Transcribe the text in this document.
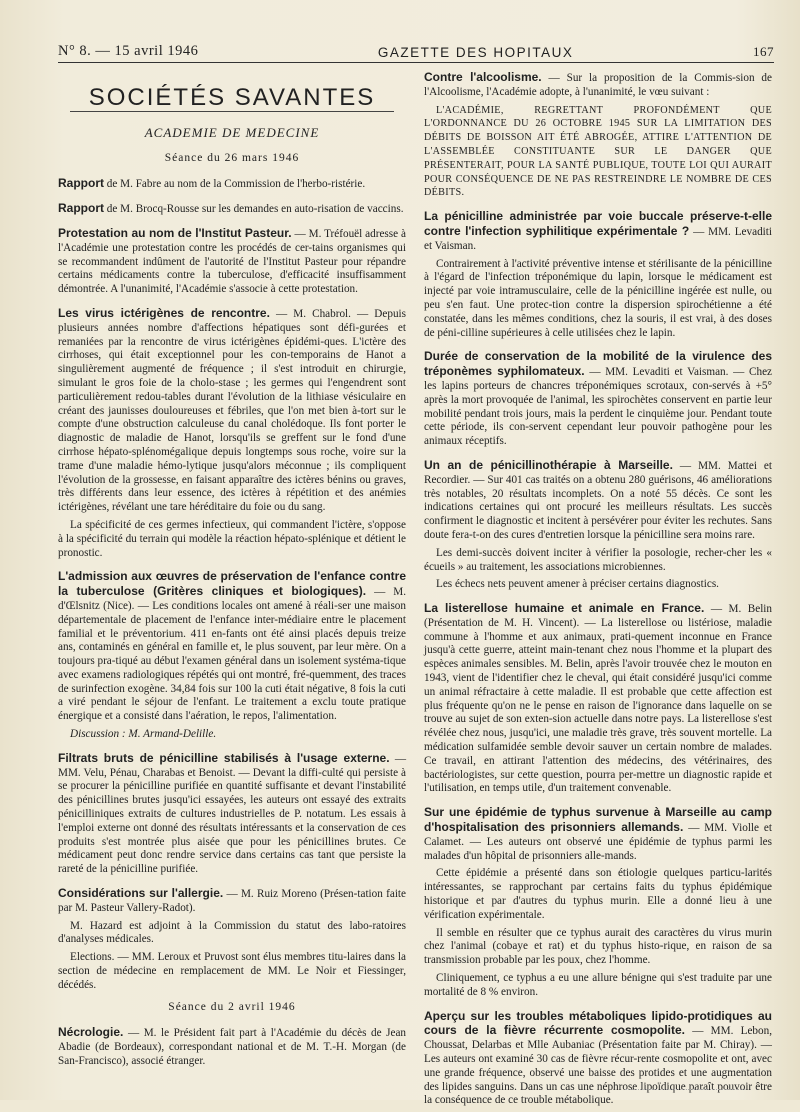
N° 8. — 15 avril 1946	GAZETTE DES HOPITAUX	167
SOCIÉTÉS SAVANTES
ACADEMIE DE MEDECINE
Séance du 26 mars 1946

Rapport de M. Fabre au nom de la Commission de l'herbo-ristérie.

Rapport de M. Brocq-Rousse sur les demandes en auto-risation de vaccins.

Protestation au nom de l'Institut Pasteur. — M. Tréfouël adresse à l'Académie une protestation contre les procédés de cer-tains organismes qui se recommandent indûment de l'autorité de l'Institut Pasteur pour répandre certains médicaments contre la tuberculose, d'efficacité insuffisamment démontrée. A l'unanimité, l'Académie s'associe à cette protestation.

Les virus ictérigènes de rencontre. — M. Chabrol. — Depuis plusieurs années nombre d'affections hépatiques sont défi-gurées et remaniées par la rencontre de virus ictérigènes épidémi-ques. L'ictère des cirrhoses, qui était exceptionnel pour les con-temporains de Hanot a singulièrement augmenté de fréquence ; il s'est introduit en chirurgie, simulant le gros foie de la cholo-stase ; les germes qui l'engendrent sont particulièrement redou-tables durant l'évolution de la lithiase vésiculaire en créant des jaunisses douloureuses et fébriles, que l'on met bien à-tort sur le compte d'une obstruction calculeuse du canal cholédoque. Ils font porter le diagnostic de maladie de Hanot, lorsqu'ils se greffent sur le fond d'une cirrhose hépato-splénomégalique depuis longtemps sous roche, voire sur la trame d'une maladie hémo-lytique jusqu'alors méconnue ; ils compliquent l'évolution de la grossesse, en faisant apparaître des ictères bénins ou graves, très différents dans leur essence, des ictères à répétition et des anémies ictérigènes, révélant une tare héréditaire du foie ou du sang.

La spécificité de ces germes infectieux, qui commandent l'ictère, s'oppose à la spécificité du terrain qui modèle la réaction hépato-splénique et détient le pronostic.

L'admission aux œuvres de préservation de l'enfance contre la tuberculose (Gritères cliniques et biologiques). — M. d'Œlsnitz (Nice). — Les conditions locales ont amené à réali-ser une maison départementale de placement de l'enfance inter-médiaire entre le placement familial et le préventorium. 411 en-fants ont été ainsi placés depuis treize ans, contaminés en général en famille et, le plus souvent, par leur mère. On a toujours pra-tiqué au début l'examen général dans un isolement systéma-tique avec examens radiologiques répétés qui ont montré, fré-quemment, des traces de surinfection exogène. 34,84 fois sur 100 la cuti était négative, 8 fois la cuti a viré pendant le séjour de l'enfant. Le traitement a exclu toute pratique énergique et a consisté dans l'aération, le repos, l'alimentation.

Discussion : M. Armand-Delille.

Filtrats bruts de pénicilline stabilisés à l'usage externe. — MM. Velu, Pénau, Charabas et Benoist. — Devant la diffi-culté qui persiste à se procurer la pénicilline purifiée en quantité suffisante et devant l'instabilité des pénicillines brutes jusqu'ici essayées, les auteurs ont essayé des extraits pénicilliniques extraits de cultures industrielles de P. notatum. Les essais à l'emploi externe ont donné des résultats intéressants et la conservation de ces produits s'est montrée plus aisée que pour les pénicillines brutes. Ce médicament peut donc rendre service dans certains cas tant que persiste la rareté de la pénicilline purifiée.

Considérations sur l'allergie. — M. Ruiz Moreno (Présen-tation faite par M. Pasteur Vallery-Radot).

M. Hazard est adjoint à la Commission du statut des labo-ratoires d'analyses médicales.

Elections. — MM. Leroux et Pruvost sont élus membres titu-laires dans la section de médecine en remplacement de MM. Le Noir et Fiessinger, décédés.

Séance du 2 avril 1946

Nécrologie. — M. le Président fait part à l'Académie du décès de Jean Abadie (de Bordeaux), correspondant national et de M. T.-H. Morgan (de San-Francisco), associé étranger.

Contre l'alcoolisme. — Sur la proposition de la Commis-sion de l'Alcoolisme, l'Académie adopte, à l'unanimité, le vœu suivant :

L'ACADÉMIE, REGRETTANT PROFONDÉMENT QUE L'ORDONNANCE DU 26 OCTOBRE 1945 SUR LA LIMITATION DES DÉBITS DE BOISSON AIT ÉTÉ ABROGÉE, ATTIRE L'ATTENTION DE L'ASSEMBLÉE CONSTITUANTE SUR LE DANGER QUE PRÉSENTERAIT, POUR LA SANTÉ PUBLIQUE, TOUTE LOI QUI AURAIT POUR CONSÉQUENCE DE NE PAS RESTREINDRE LE NOMBRE DE CES DÉBITS.

La pénicilline administrée par voie buccale préserve-t-elle contre l'infection syphilitique expérimentale ? — MM. Levaditi et Vaisman.

Contrairement à l'activité préventive intense et stérilisante de la pénicilline à l'égard de l'infection tréponémique du lapin, lorsque le médicament est injecté par voie intramusculaire, celle de la pénicilline ingérée est nulle, ou peu s'en faut. Une protec-tion contre la dispersion spirochétienne a été constatée, dans les mêmes conditions, chez la souris, il est vrai, à des doses de péni-cilline supérieures à celle utilisées chez le lapin.

Durée de conservation de la mobilité de la virulence des tréponèmes syphilomateux. — MM. Levaditi et Vaisman. — Chez les lapins porteurs de chancres tréponémiques scrotaux, con-servés à +5° après la mort provoquée de l'animal, les spirochètes conservent en partie leur mobilité pendant trois jours, mais la perdent le cinquième jour. Pendant toute cette période, ils con-servent cependant leur pouvoir pathogène pour les animaux réceptifs.

Un an de pénicillinothérapie à Marseille. — MM. Mattei et Recordier. — Sur 401 cas traités on a obtenu 280 guérisons, 46 améliorations très notables, 20 résultats incomplets. On a noté 55 décès. Ce sont les indications certaines qui ont procuré les meilleurs résultats. Les succès confirment le diagnostic et incitent à persévérer pour éviter les rechutes. Sans doute fera-t-on des cures d'entretien lorsque la pénicilline sera moins rare.

Les demi-succès doivent inciter à vérifier la posologie, recher-cher les « écueils » au traitement, les associations microbiennes.

Les échecs nets peuvent amener à préciser certains diagnostics.

La listerellose humaine et animale en France. — M. Belin (Présentation de M. H. Vincent). — La listerellose ou listériose, maladie commune à l'homme et aux animaux, prati-quement inconnue en France jusqu'à cette guerre, atteint main-tenant chez nous l'homme et la plupart des espèces animales sensibles. M. Belin, après l'avoir trouvée chez le mouton en 1943, vient de l'identifier chez le cheval, qui était considéré jusqu'ici comme un animal réfractaire à cette maladie. Il est probable que cette affection est plus fréquente qu'on ne le pense en raison de l'ignorance dans laquelle on se trouve au sujet de son exten-sion actuelle dans notre pays. La listerellose s'est révélée chez nous, jusqu'ici, une maladie très grave, très souvent mortelle. La médication sulfamidée semble devoir sauver un certain nombre de malades. Ce travail, en attirant l'attention des médecins, des vétérinaires, des bactériologistes, sur cette question, pourra per-mettre un diagnostic rapide et l'utilisation, en temps utile, d'un traitement convenable.

Sur une épidémie de typhus survenue à Marseille au camp d'hospitalisation des prisonniers allemands. — MM. Violle et Calamet. — Les auteurs ont observé une épidémie de typhus parmi les malades d'un hôpital de prisonniers alle-mands.

Cette épidémie a présenté dans son étiologie quelques particu-larités intéressantes, se rapprochant par certains faits du typhus épidémique historique et par d'autres du typhus murin. Elle a donné lieu à une vérification expérimentale.

Il semble en résulter que ce typhus aurait des caractères du virus murin chez l'animal (cobaye et rat) et du typhus histo-rique, en raison de sa transmission probable par les poux, chez l'homme.

Cliniquement, ce typhus a eu une allure bénigne qui s'est traduite par une mortalité de 8 % environ.

Aperçu sur les troubles métaboliques lipido-protidiques au cours de la fièvre récurrente cosmopolite. — MM. Lebon, Choussat, Delarbas et Mlle Aubaniac (Présentation faite par M. Chiray). — Les auteurs ont examiné 30 cas de fièvre récur-rente cosmopolite et ont, avec une grande fréquence, observé une baisse des protides et une augmentation des lipides sanguins. Dans un cas une néphrose lipoïdique paraît pouvoir être la conséquence de ce trouble métabolique.
